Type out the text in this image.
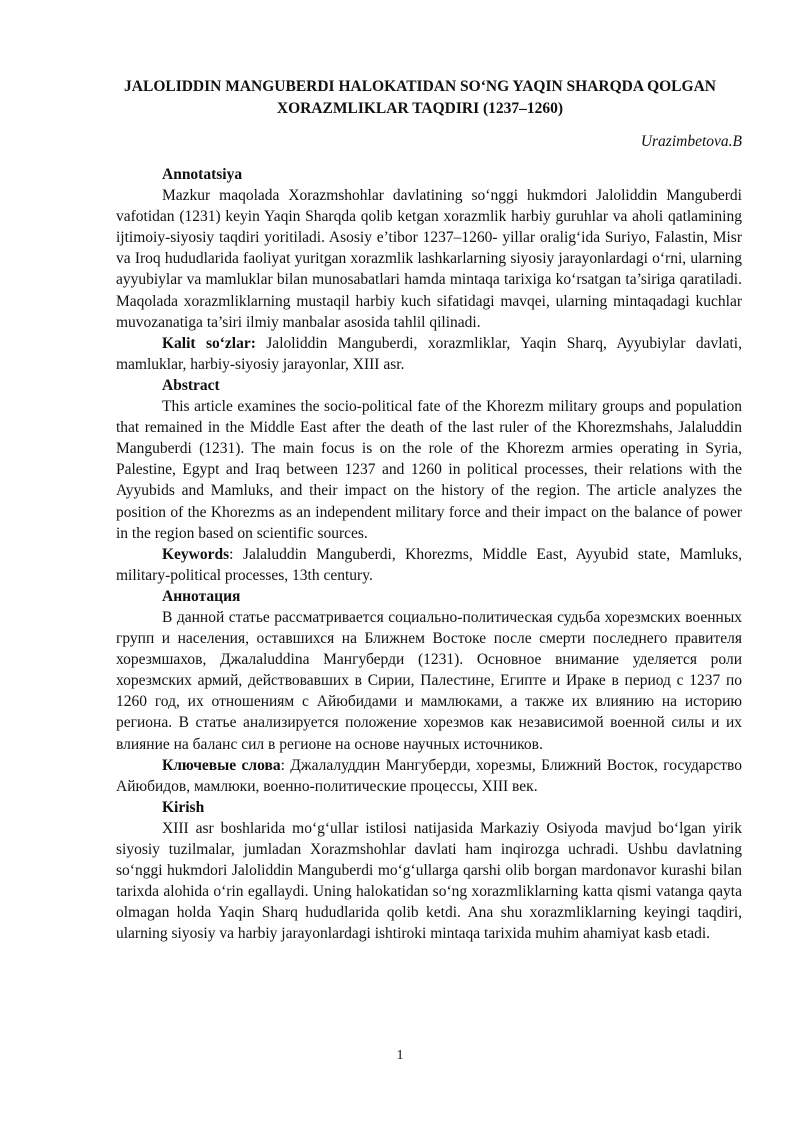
JALOLIDDIN MANGUBERDI HALOKATIDAN SO‘NG YAQIN SHARQDA QOLGAN
XORAZMLIKLAR TAQDIRI (1237–1260)
Urazimbetova.B

Annotatsiya

Mazkur maqolada Xorazmshohlar davlatining so‘nggi hukmdori Jaloliddin Manguberdi vafotidan (1231) keyin Yaqin Sharqda qolib ketgan xorazmlik harbiy guruhlar va aholi qatlamining ijtimoiy-siyosiy taqdiri yoritiladi. Asosiy e’tibor 1237–1260- yillar oralig‘ida Suriyo, Falastin, Misr va Iroq hududlarida faoliyat yuritgan xorazmlik lashkarlarning siyosiy jarayonlardagi o‘rni, ularning ayyubiylar va mamluklar bilan munosabatlari hamda mintaqa tarixiga ko‘rsatgan ta’siriga qaratiladi. Maqolada xorazmliklarning mustaqil harbiy kuch sifatidagi mavqei, ularning mintaqadagi kuchlar muvozanatiga ta’siri ilmiy manbalar asosida tahlil qilinadi.

Kalit so‘zlar: Jaloliddin Manguberdi, xorazmliklar, Yaqin Sharq, Ayyubiylar davlati, mamluklar, harbiy-siyosiy jarayonlar, XIII asr.

Abstract

This article examines the socio-political fate of the Khorezm military groups and population that remained in the Middle East after the death of the last ruler of the Khorezmshahs, Jalaluddin Manguberdi (1231). The main focus is on the role of the Khorezm armies operating in Syria, Palestine, Egypt and Iraq between 1237 and 1260 in political processes, their relations with the Ayyubids and Mamluks, and their impact on the history of the region. The article analyzes the position of the Khorezms as an independent military force and their impact on the balance of power in the region based on scientific sources.

Keywords: Jalaluddin Manguberdi, Khorezms, Middle East, Ayyubid state, Mamluks, military-political processes, 13th century.

Аннотация

В данной статье рассматривается социально-политическая судьба хорезмских военных групп и населения, оставшихся на Ближнем Востоке после смерти последнего правителя хорезмшахов, Джалаluddina Мангуберди (1231). Основное внимание уделяется роли хорезмских армий, действовавших в Сирии, Палестине, Египте и Ираке в период с 1237 по 1260 год, их отношениям с Айюбидами и мамлюками, а также их влиянию на историю региона. В статье анализируется положение хорезмов как независимой военной силы и их влияние на баланс сил в регионе на основе научных источников.

Ключевые слова: Джалалуддин Мангуберди, хорезмы, Ближний Восток, государство Айюбидов, мамлюки, военно-политические процессы, XIII век.

Kirish

XIII asr boshlarida mo‘g‘ullar istilosi natijasida Markaziy Osiyoda mavjud bo‘lgan yirik siyosiy tuzilmalar, jumladan Xorazmshohlar davlati ham inqirozga uchradi. Ushbu davlatning so‘nggi hukmdori Jaloliddin Manguberdi mo‘g‘ullarga qarshi olib borgan mardonavor kurashi bilan tarixda alohida o‘rin egallaydi. Uning halokatidan so‘ng xorazmliklarning katta qismi vatanga qayta olmagan holda Yaqin Sharq hududlarida qolib ketdi. Ana shu xorazmliklarning keyingi taqdiri, ularning siyosiy va harbiy jarayonlardagi ishtiroki mintaqa tarixida muhim ahamiyat kasb etadi.

1
